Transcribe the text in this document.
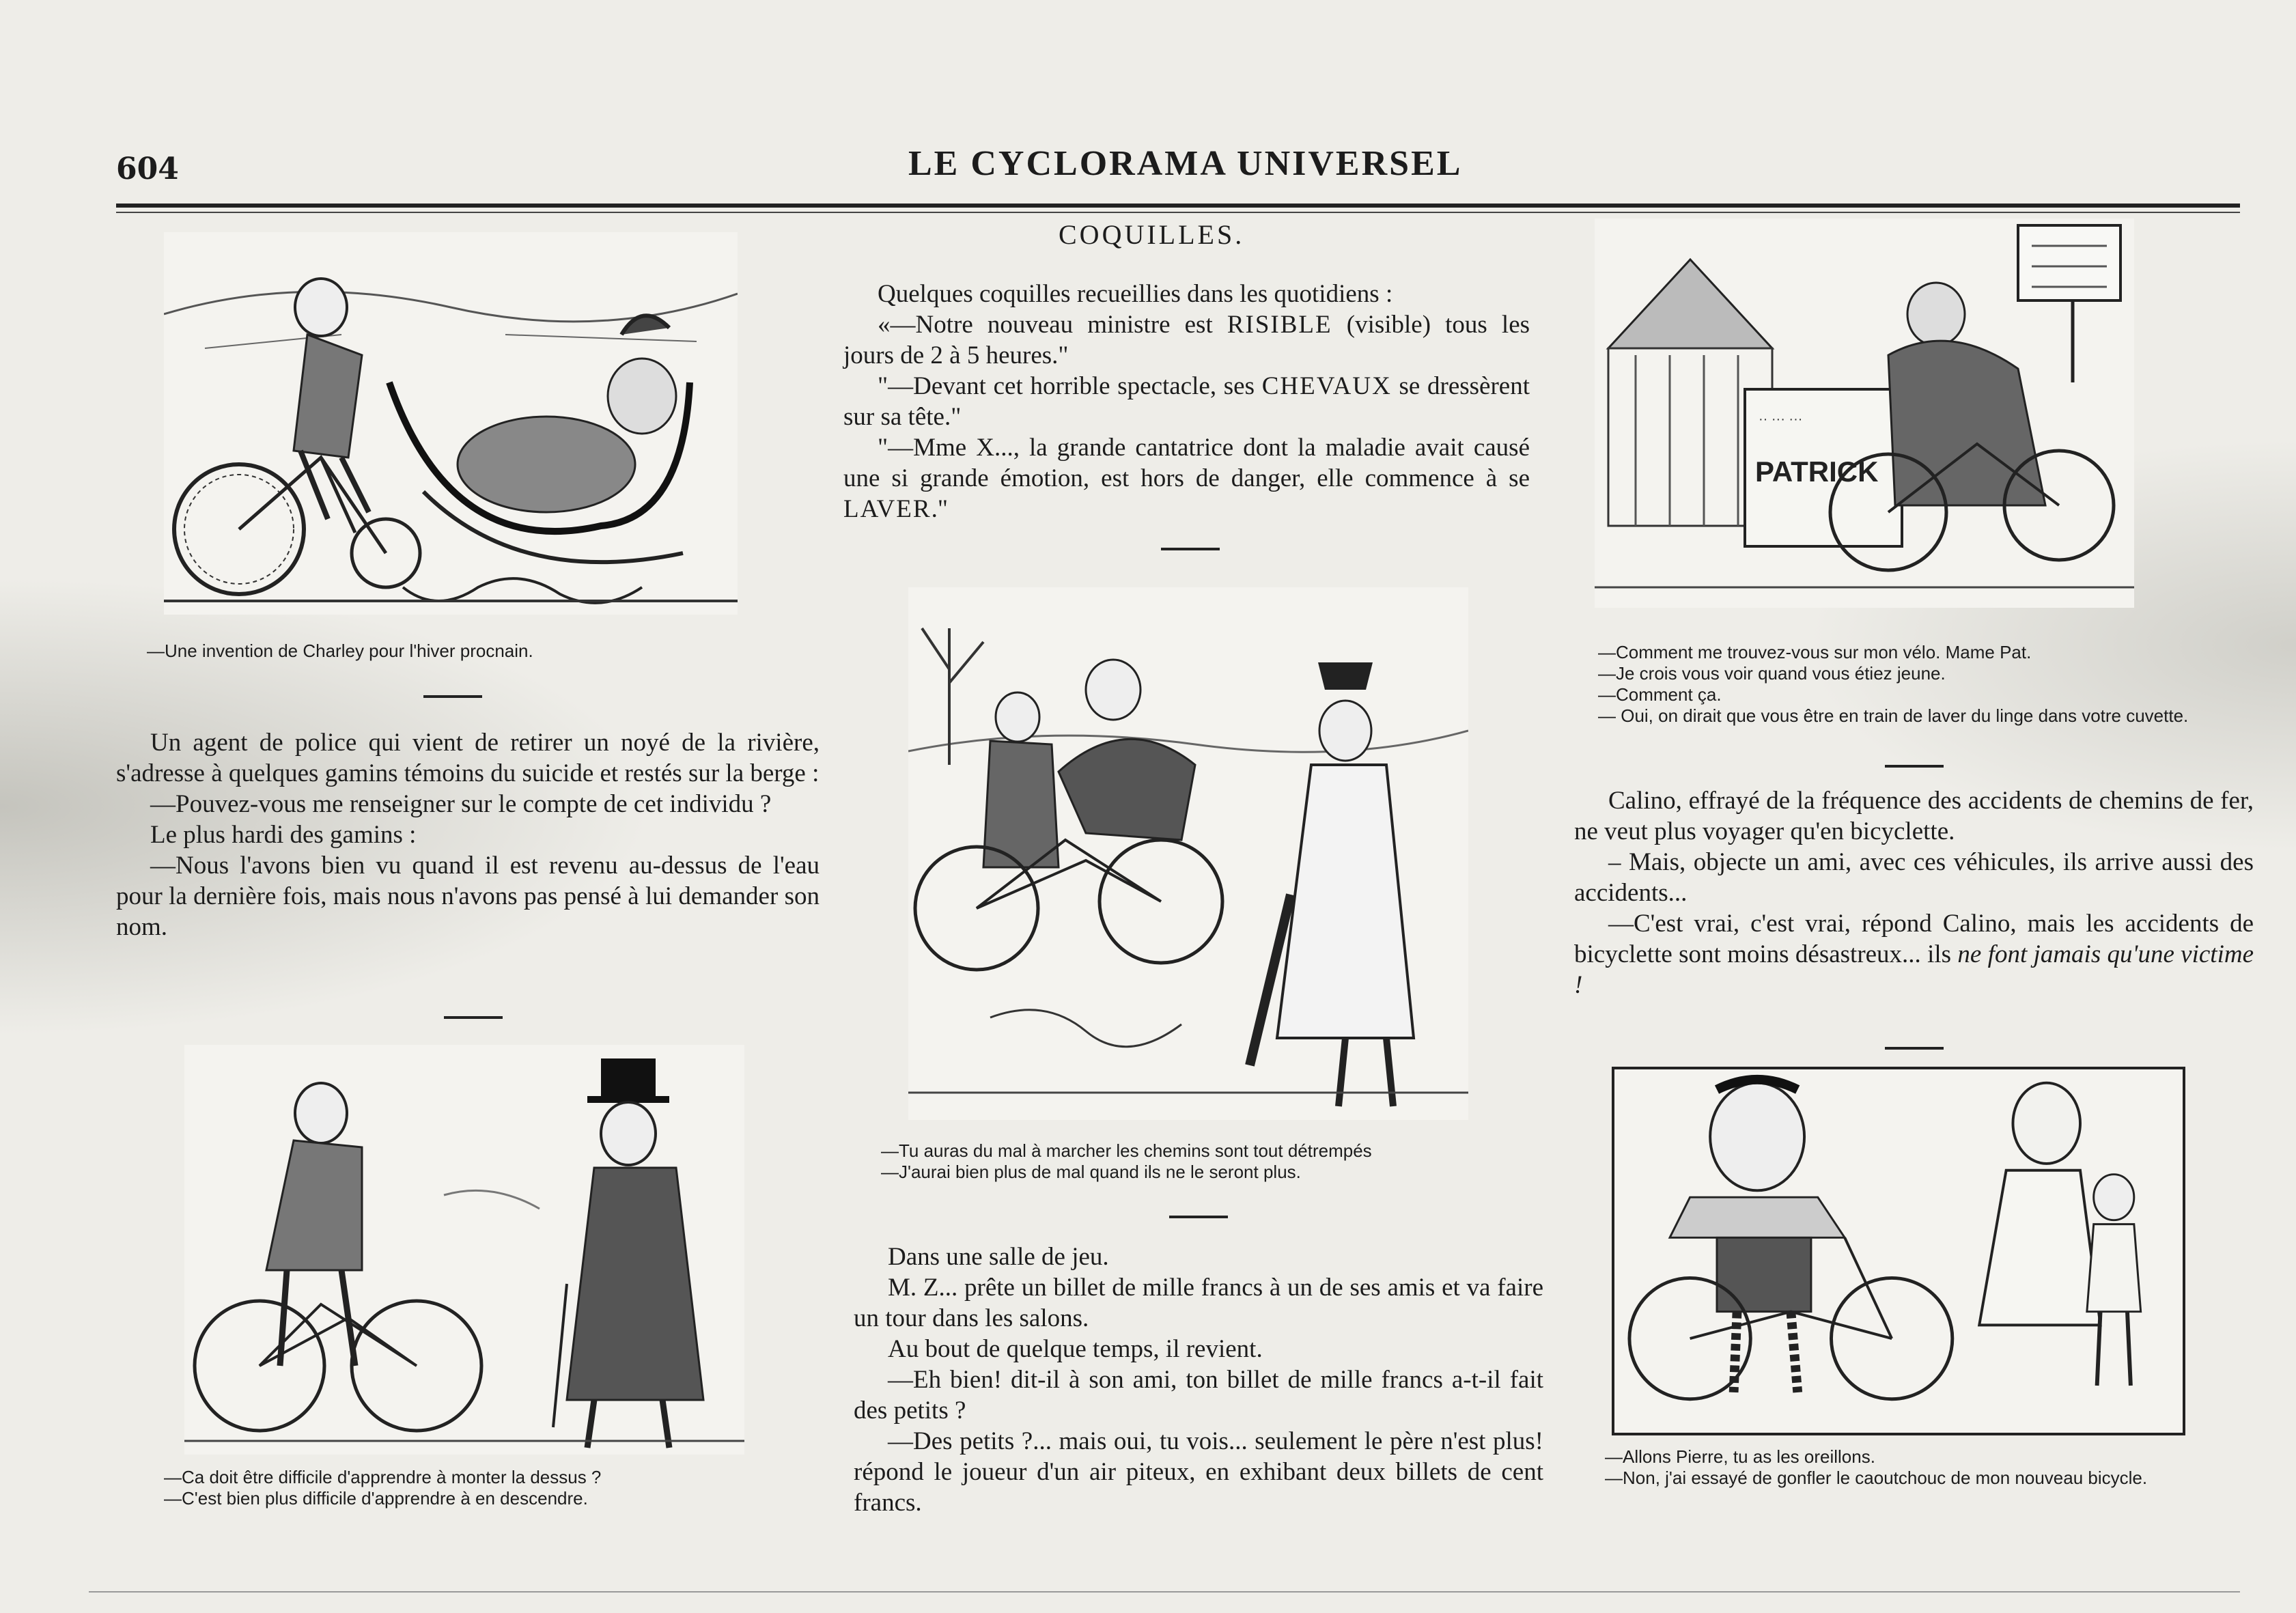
604	LE CYCLORAMA UNIVERSEL

—Une invention de Charley pour l'hiver procnain.

Un agent de police qui vient de retirer un noyé de la rivière, s'adresse à quelques gamins témoins du suicide et restés sur la berge :

—Pouvez-vous me renseigner sur le compte de cet individu ?

Le plus hardi des gamins :

—Nous l'avons bien vu quand il est revenu au-dessus de l'eau pour la dernière fois, mais nous n'avons pas pensé à lui demander son nom.

—Ca doit être difficile d'apprendre à monter la dessus ?

—C'est bien plus difficile d'apprendre à en descendre.

COQUILLES.

Quelques coquilles recueillies dans les quotidiens :

«—Notre nouveau ministre est RISIBLE (visible) tous les jours de 2 à 5 heures."

"—Devant cet horrible spectacle, ses CHEVAUX se dressèrent sur sa tête."

"—Mme X..., la grande cantatrice dont la maladie avait causé une si grande émotion, est hors de danger, elle commence à se LAVER."

—Tu auras du mal à marcher les chemins sont tout détrempés

—J'aurai bien plus de mal quand ils ne le seront plus.

Dans une salle de jeu.

M. Z... prête un billet de mille francs à un de ses amis et va faire un tour dans les salons.

Au bout de quelque temps, il revient.

—Eh bien! dit-il à son ami, ton billet de mille francs a-t-il fait des petits ?

—Des petits ?... mais oui, tu vois... seulement le père n'est plus! répond le joueur d'un air piteux, en exhibant deux billets de cent francs.

·· ··· ···
PATRICK

—Comment me trouvez-vous sur mon vélo. Mame Pat.

—Je crois vous voir quand vous étiez jeune.

—Comment ça.

— Oui, on dirait que vous être en train de laver du linge dans votre cuvette.

Calino, effrayé de la fréquence des accidents de chemins de fer, ne veut plus voyager qu'en bicyclette.

– Mais, objecte un ami, avec ces véhicules, ils arrive aussi des accidents...

—C'est vrai, c'est vrai, répond Calino, mais les accidents de bicyclette sont moins désastreux... ils ne font jamais qu'une victime !

—Allons Pierre, tu as les oreillons.

—Non, j'ai essayé de gonfler le caoutchouc de mon nouveau bicycle.
